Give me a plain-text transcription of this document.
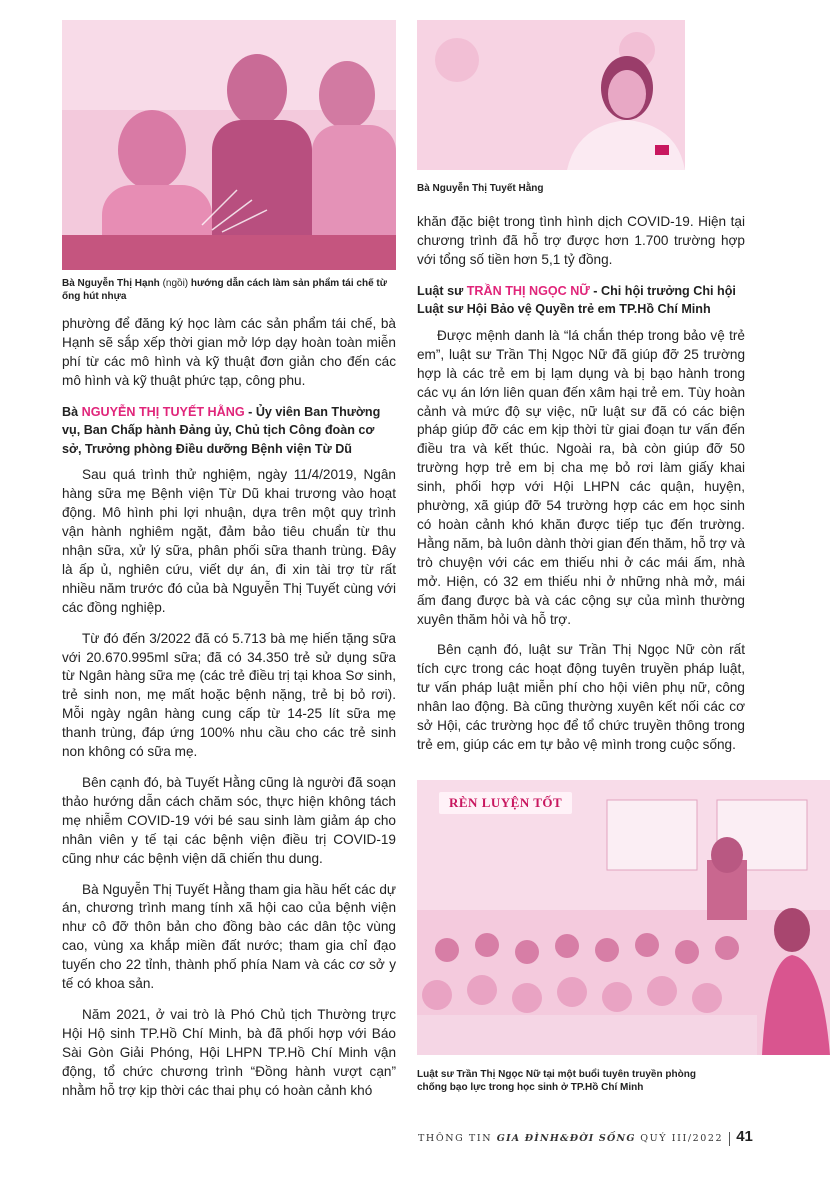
Bà Nguyễn Thị Hạnh (ngồi) hướng dẫn cách làm sản phẩm tái chế từ ống hút nhựa
Bà Nguyễn Thị Tuyết Hằng

phường để đăng ký học làm các sản phẩm tái chế, bà Hạnh sẽ sắp xếp thời gian mở lớp dạy hoàn toàn miễn phí từ các mô hình và kỹ thuật đơn giản cho đến các mô hình và kỹ thuật phức tạp, công phu.

Bà NGUYỄN THỊ TUYẾT HẰNG - Ủy viên Ban Thường vụ, Ban Chấp hành Đảng ủy, Chủ tịch Công đoàn cơ sở, Trưởng phòng Điều dưỡng Bệnh viện Từ Dũ

Sau quá trình thử nghiệm, ngày 11/4/2019, Ngân hàng sữa mẹ Bệnh viện Từ Dũ khai trương vào hoạt động. Mô hình phi lợi nhuận, dựa trên một quy trình vận hành nghiêm ngặt, đảm bảo tiêu chuẩn từ thu nhận sữa, xử lý sữa, phân phối sữa thanh trùng. Đây là ấp ủ, nghiên cứu, viết dự án, đi xin tài trợ từ rất nhiều năm trước đó của bà Nguyễn Thị Tuyết cùng với các đồng nghiệp.

Từ đó đến 3/2022 đã có 5.713 bà mẹ hiến tặng sữa với 20.670.995ml sữa; đã có 34.350 trẻ sử dụng sữa từ Ngân hàng sữa mẹ (các trẻ điều trị tại khoa Sơ sinh, trẻ sinh non, mẹ mất hoặc bệnh nặng, trẻ bị bỏ rơi). Mỗi ngày ngân hàng cung cấp từ 14-25 lít sữa mẹ thanh trùng, đáp ứng 100% nhu cầu cho các trẻ sinh non không có sữa mẹ.

Bên cạnh đó, bà Tuyết Hằng cũng là người đã soạn thảo hướng dẫn cách chăm sóc, thực hiện không tách mẹ nhiễm COVID-19 với bé sau sinh làm giảm áp cho nhân viên y tế tại các bệnh viện điều trị COVID-19 cũng như các bệnh viện dã chiến thu dung.

Bà Nguyễn Thị Tuyết Hằng tham gia hầu hết các dự án, chương trình mang tính xã hội cao của bệnh viện như cô đỡ thôn bản cho đồng bào các dân tộc vùng cao, vùng xa khắp miền đất nước; tham gia chỉ đạo tuyến cho 22 tỉnh, thành phố phía Nam và các cơ sở y tế có khoa sản.

Năm 2021, ở vai trò là Phó Chủ tịch Thường trực Hội Hộ sinh TP.Hồ Chí Minh, bà đã phối hợp với Báo Sài Gòn Giải Phóng, Hội LHPN TP.Hồ Chí Minh vận động, tổ chức chương trình “Đồng hành vượt cạn” nhằm hỗ trợ kịp thời các thai phụ có hoàn cảnh khó

khăn đặc biệt trong tình hình dịch COVID-19. Hiện tại chương trình đã hỗ trợ được hơn 1.700 trường hợp với tổng số tiền hơn 5,1 tỷ đồng.

Luật sư TRẦN THỊ NGỌC NỮ - Chi hội trưởng Chi hội Luật sư Hội Bảo vệ Quyền trẻ em TP.Hồ Chí Minh

Được mệnh danh là “lá chắn thép trong bảo vệ trẻ em”, luật sư Trần Thị Ngọc Nữ đã giúp đỡ 25 trường hợp là các trẻ em bị lạm dụng và bị bạo hành trong các vụ án lớn liên quan đến xâm hại trẻ em. Tùy hoàn cảnh và mức độ sự việc, nữ luật sư đã có các biện pháp giúp đỡ các em kịp thời từ giai đoạn tư vấn đến điều tra và kết thúc. Ngoài ra, bà còn giúp đỡ 50 trường hợp trẻ em bị cha mẹ bỏ rơi làm giấy khai sinh, phối hợp với Hội LHPN các quận, huyện, phường, xã giúp đỡ 54 trường hợp các em học sinh có hoàn cảnh khó khăn được tiếp tục đến trường. Hằng năm, bà luôn dành thời gian đến thăm, hỗ trợ và trò chuyện với các em thiếu nhi ở các mái ấm, nhà mở. Hiện, có 32 em thiếu nhi ở những nhà mở, mái ấm đang được bà và các cộng sự của mình thường xuyên thăm hỏi và hỗ trợ.

Bên cạnh đó, luật sư Trần Thị Ngọc Nữ còn rất tích cực trong các hoạt động tuyên truyền pháp luật, tư vấn pháp luật miễn phí cho hội viên phụ nữ, công nhân lao động. Bà cũng thường xuyên kết nối các cơ sở Hội, các trường học để tổ chức truyền thông trong trẻ em, giúp các em tự bảo vệ mình trong cuộc sống.

RÈN LUYỆN TỐT
Luật sư Trần Thị Ngọc Nữ tại một buổi tuyên truyền phòng chống bạo lực trong học sinh ở TP.Hồ Chí Minh
THÔNG TIN GIA ĐÌNH&ĐỜI SỐNG QUÝ III/2022 41
